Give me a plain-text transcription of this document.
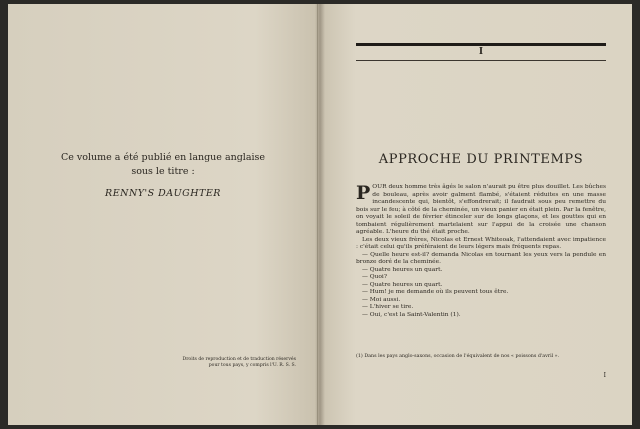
Ce volume a été publié en langue anglaise
sous le titre :
RENNY'S DAUGHTER
Droits de reproduction et de traduction réservés
pour tous pays, y compris l'U. R. S. S.
I
APPROCHE DU PRINTEMPS

POUR deux homme très âgés le salon n'aurait pu être plus douillet. Les bûches de bouleau, après avoir galment flambé, s'étaient réduites en une masse incandescente qui, bientôt, s'effondrerait; il faudrait sous peu remettre du bois sur le feu; à côté de la cheminée, un vieux panier en était plein. Par la fenêtre, on voyait le soleil de février étinceler sur de longs glaçons, et les gouttes qui en tombaient régulièrement martelaient sur l'appui de la croisée une chanson agréable. L'heure du thé était proche.

Les deux vieux frères, Nicolas et Ernest Whiteoak, l'attendaient avec impatience : c'était celui qu'ils préféraient de leurs légers mais fréquents repas.

— Quelle heure est-il? demanda Nicolas en tournant les yeux vers la pendule en bronze doré de la cheminée.

— Quatre heures un quart.

— Quoi?

— Quatre heures un quart.

— Hum! je me demande où ils peuvent tous être.

— Moi aussi.

— L'hiver se tire.

— Oui, c'est la Saint-Valentin (1).

(1) Dans les pays anglo-saxons, occasion de l'équivalent de nos « poissons d'avril ».
I
